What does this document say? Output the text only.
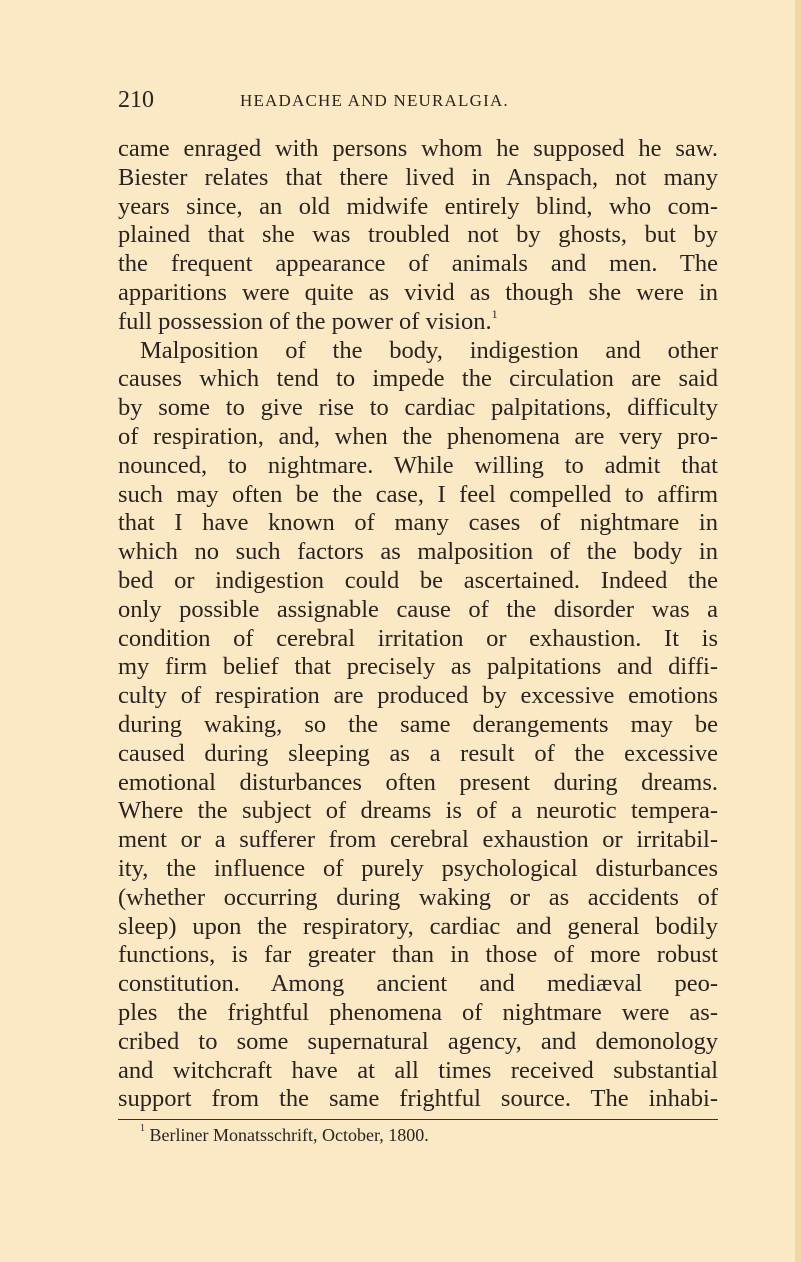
210	HEADACHE AND NEURALGIA.
came enraged with persons whom he supposed he saw.
Biester relates that there lived in Anspach, not many
years since, an old midwife entirely blind, who com-
plained that she was troubled not by ghosts, but by
the frequent appearance of animals and men. The
apparitions were quite as vivid as though she were in
full possession of the power of vision.$^1$
Malposition of the body, indigestion and other
causes which tend to impede the circulation are said
by some to give rise to cardiac palpitations, difficulty
of respiration, and, when the phenomena are very pro-
nounced, to nightmare. While willing to admit that
such may often be the case, I feel compelled to affirm
that I have known of many cases of nightmare in
which no such factors as malposition of the body in
bed or indigestion could be ascertained. Indeed the
only possible assignable cause of the disorder was a
condition of cerebral irritation or exhaustion. It is
my firm belief that precisely as palpitations and diffi-
culty of respiration are produced by excessive emotions
during waking, so the same derangements may be
caused during sleeping as a result of the excessive
emotional disturbances often present during dreams.
Where the subject of dreams is of a neurotic tempera-
ment or a sufferer from cerebral exhaustion or irritabil-
ity, the influence of purely psychological disturbances
(whether occurring during waking or as accidents of
sleep) upon the respiratory, cardiac and general bodily
functions, is far greater than in those of more robust
constitution. Among ancient and mediæval peo-
ples the frightful phenomena of nightmare were as-
cribed to some supernatural agency, and demonology
and witchcraft have at all times received substantial
support from the same frightful source. The inhabi-
$^1$ Berliner Monatsschrift, October, 1800.
